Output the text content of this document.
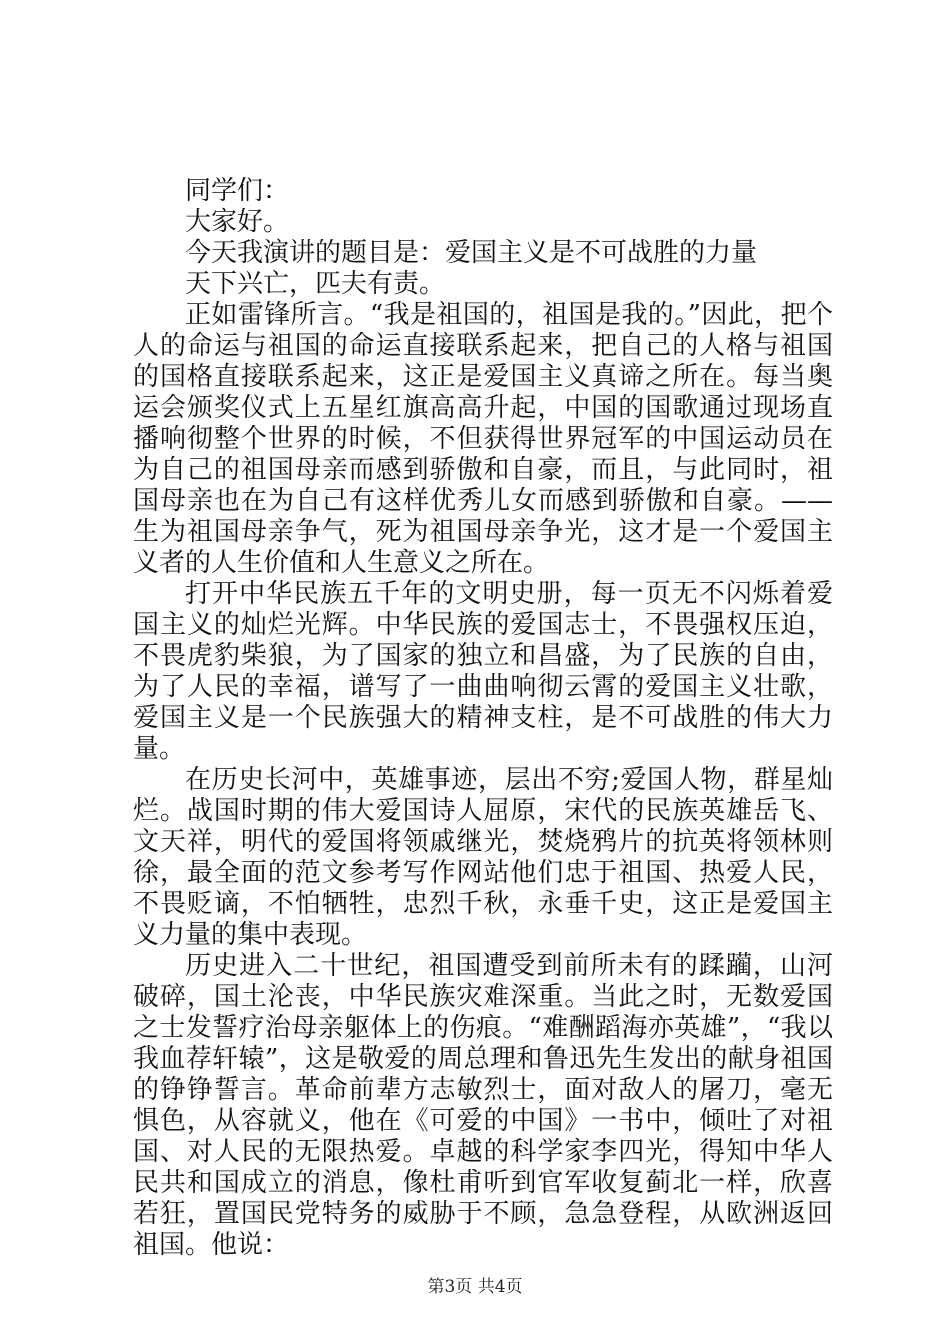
同学们：

大家好。

今天我演讲的题目是：爱国主义是不可战胜的力量

天下兴亡，匹夫有责。

正如雷锋所言。“我是祖国的，祖国是我的。”因此，把个人的命运与祖国的命运直接联系起来，把自己的人格与祖国的国格直接联系起来，这正是爱国主义真谛之所在。每当奥运会颁奖仪式上五星红旗高高升起，中国的国歌通过现场直播响彻整个世界的时候，不但获得世界冠军的中国运动员在为自己的祖国母亲而感到骄傲和自豪，而且，与此同时，祖国母亲也在为自己有这样优秀儿女而感到骄傲和自豪。——生为祖国母亲争气，死为祖国母亲争光，这才是一个爱国主义者的人生价值和人生意义之所在。

打开中华民族五千年的文明史册，每一页无不闪烁着爱国主义的灿烂光辉。中华民族的爱国志士，不畏强权压迫，不畏虎豹柴狼，为了国家的独立和昌盛，为了民族的自由，为了人民的幸福，谱写了一曲曲响彻云霄的爱国主义壮歌，爱国主义是一个民族强大的精神支柱，是不可战胜的伟大力量。

在历史长河中，英雄事迹，层出不穷;爱国人物，群星灿烂。战国时期的伟大爱国诗人屈原，宋代的民族英雄岳飞、文天祥，明代的爱国将领戚继光，焚烧鸦片的抗英将领林则徐，最全面的范文参考写作网站他们忠于祖国、热爱人民，不畏贬谪，不怕牺牲，忠烈千秋，永垂千史，这正是爱国主义力量的集中表现。

历史进入二十世纪，祖国遭受到前所未有的蹂躏，山河破碎，国土沦丧，中华民族灾难深重。当此之时，无数爱国之士发誓疗治母亲躯体上的伤痕。“难酬蹈海亦英雄”，“我以我血荐轩辕”，这是敬爱的周总理和鲁迅先生发出的献身祖国的铮铮誓言。革命前辈方志敏烈士，面对敌人的屠刀，毫无惧色，从容就义，他在《可爱的中国》一书中，倾吐了对祖国、对人民的无限热爱。卓越的科学家李四光，得知中华人民共和国成立的消息，像杜甫听到官军收复蓟北一样，欣喜若狂，置国民党特务的威胁于不顾，急急登程，从欧洲返回祖国。他说：

第3页 共4页
